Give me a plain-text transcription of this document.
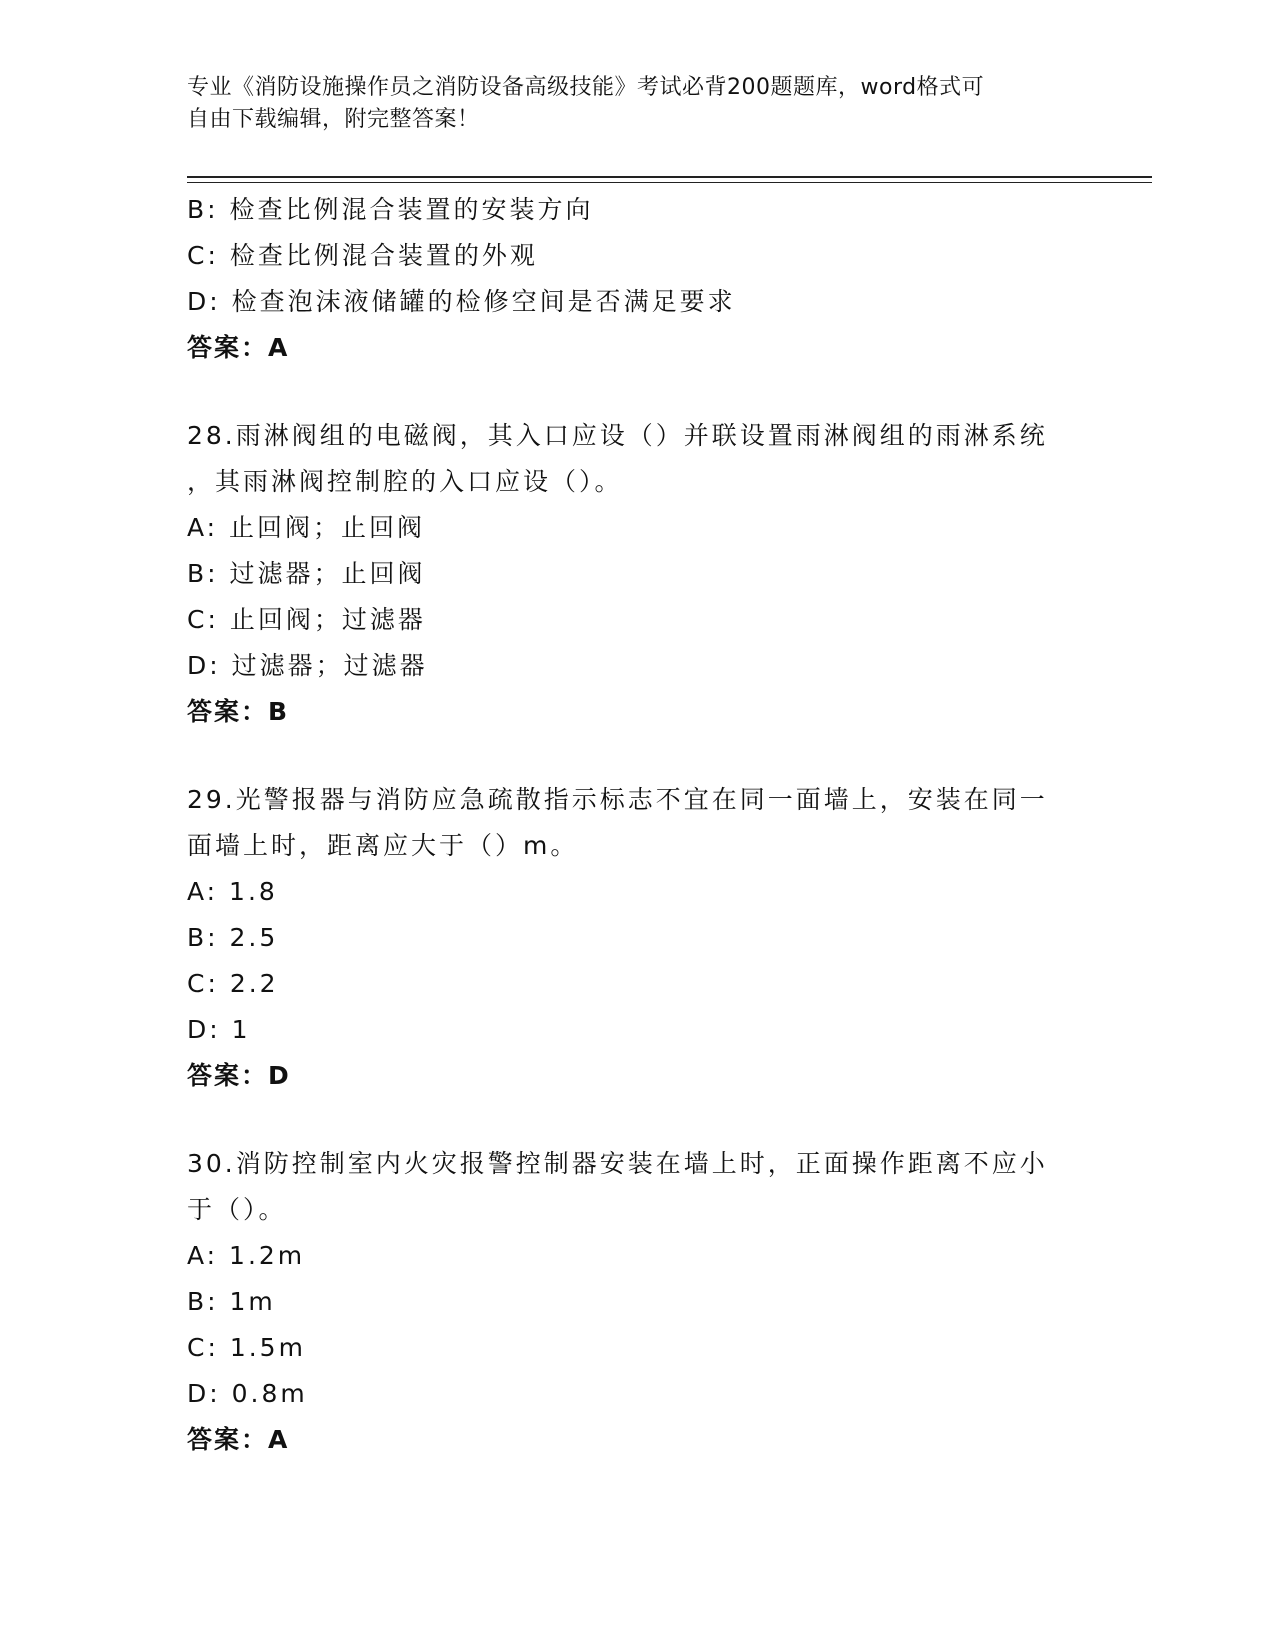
专业《消防设施操作员之消防设备高级技能》考试必背200题题库，word格式可
自由下载编辑，附完整答案！
B: 检查比例混合装置的安装方向
C: 检查比例混合装置的外观
D: 检查泡沫液储罐的检修空间是否满足要求
答案：A
28.雨淋阀组的电磁阀，其入口应设（）并联设置雨淋阀组的雨淋系统
，其雨淋阀控制腔的入口应设（）。
A: 止回阀；止回阀
B: 过滤器；止回阀
C: 止回阀；过滤器
D: 过滤器；过滤器
答案：B
29.光警报器与消防应急疏散指示标志不宜在同一面墙上，安装在同一
面墙上时，距离应大于（）m。
A: 1.8
B: 2.5
C: 2.2
D: 1
答案：D
30.消防控制室内火灾报警控制器安装在墙上时，正面操作距离不应小
于（）。
A: 1.2m
B: 1m
C: 1.5m
D: 0.8m
答案：A
